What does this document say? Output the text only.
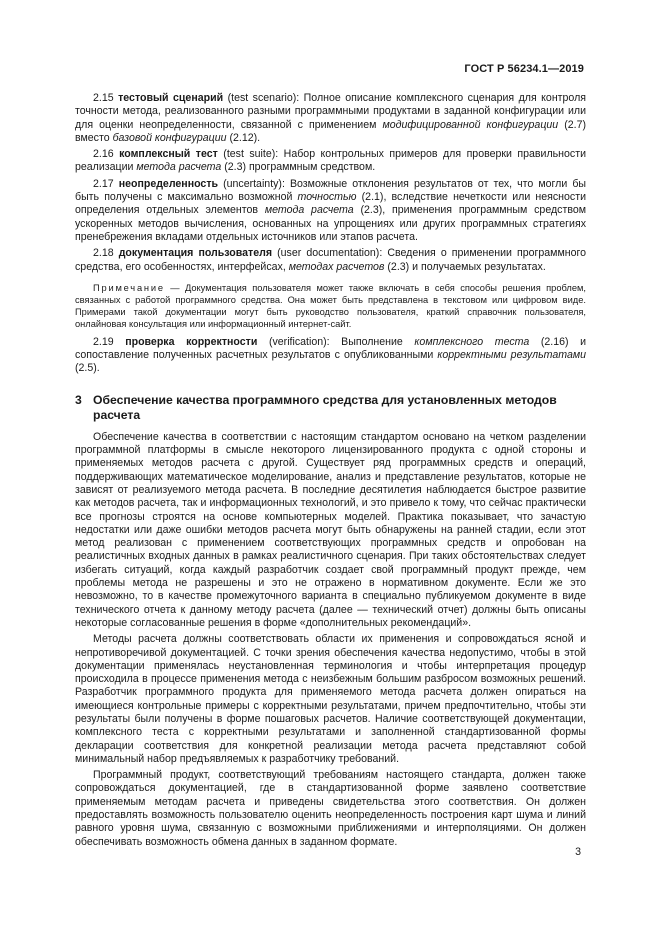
ГОСТ Р 56234.1—2019
2.15 тестовый сценарий (test scenario): Полное описание комплексного сценария для контроля точности метода, реализованного разными программными продуктами в заданной конфигурации или для оценки неопределенности, связанной с применением модифицированной конфигурации (2.7) вместо базовой конфигурации (2.12).
2.16 комплексный тест (test suite): Набор контрольных примеров для проверки правильности реализации метода расчета (2.3) программным средством.
2.17 неопределенность (uncertainty): Возможные отклонения результатов от тех, что могли бы быть получены с максимально возможной точностью (2.1), вследствие нечеткости или неясности определения отдельных элементов метода расчета (2.3), применения программным средством ускоренных методов вычисления, основанных на упрощениях или других программных стратегиях пренебрежения вкладами отдельных источников или этапов расчета.
2.18 документация пользователя (user documentation): Сведения о применении программного средства, его особенностях, интерфейсах, методах расчетов (2.3) и получаемых результатах.
Примечание — Документация пользователя может также включать в себя способы решения проблем, связанных с работой программного средства. Она может быть представлена в текстовом или цифровом виде. Примерами такой документации могут быть руководство пользователя, краткий справочник пользователя, онлайновая консультация или информационный интернет-сайт.
2.19 проверка корректности (verification): Выполнение комплексного теста (2.16) и сопоставление полученных расчетных результатов с опубликованными корректными результатами (2.5).
3 Обеспечение качества программного средства для установленных методов расчета

Обеспечение качества в соответствии с настоящим стандартом основано на четком разделении программной платформы в смысле некоторого лицензированного продукта с одной стороны и применяемых методов расчета с другой. Существует ряд программных средств и операций, поддерживающих математическое моделирование, анализ и представление результатов, которые не зависят от реализуемого метода расчета. В последние десятилетия наблюдается быстрое развитие как методов расчета, так и информационных технологий, и это привело к тому, что сейчас практически все прогнозы строятся на основе компьютерных моделей. Практика показывает, что зачастую недостатки или даже ошибки методов расчета могут быть обнаружены на ранней стадии, если этот метод реализован с применением соответствующих программных средств и опробован на реалистичных входных данных в рамках реалистичного сценария. При таких обстоятельствах следует избегать ситуаций, когда каждый разработчик создает свой программный продукт прежде, чем проблемы метода не разрешены и это не отражено в нормативном документе. Если же это невозможно, то в качестве промежуточного варианта в специально публикуемом документе в виде технического отчета к данному методу расчета (далее — технический отчет) должны быть описаны некоторые согласованные решения в форме «дополнительных рекомендаций».

Методы расчета должны соответствовать области их применения и сопровождаться ясной и непротиворечивой документацией. С точки зрения обеспечения качества недопустимо, чтобы в этой документации применялась неустановленная терминология и чтобы интерпретация процедур происходила в процессе применения метода с неизбежным большим разбросом возможных решений. Разработчик программного продукта для применяемого метода расчета должен опираться на имеющиеся контрольные примеры с корректными результатами, причем предпочтительно, чтобы эти результаты были получены в форме пошаговых расчетов. Наличие соответствующей документации, комплексного теста с корректными результатами и заполненной стандартизованной формы декларации соответствия для конкретной реализации метода расчета представляют собой минимальный набор предъявляемых к разработчику требований.

Программный продукт, соответствующий требованиям настоящего стандарта, должен также сопровождаться документацией, где в стандартизованной форме заявлено соответствие применяемым методам расчета и приведены свидетельства этого соответствия. Он должен предоставлять возможность пользователю оценить неопределенность построения карт шума и линий равного уровня шума, связанную с возможными приближениями и интерполяциями. Он должен обеспечивать возможность обмена данных в заданном формате.

3
